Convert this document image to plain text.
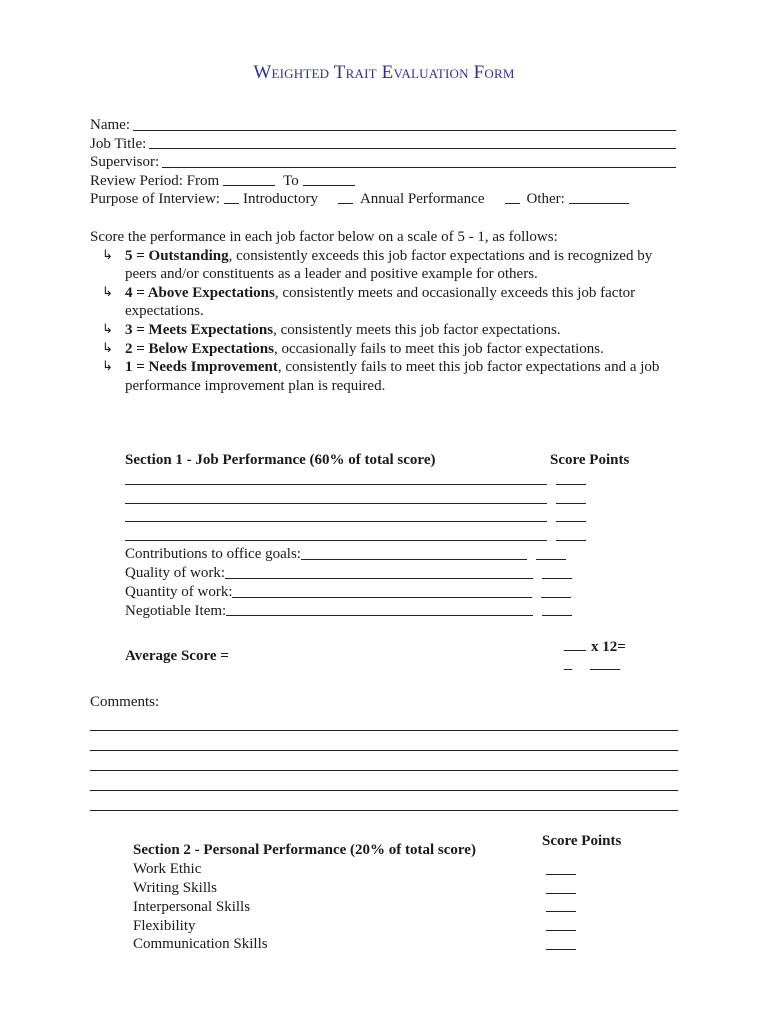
Weighted Trait Evaluation Form
Name:
Job Title:
Supervisor:
Review Period: From	To
Purpose of Interview: Introductory	Annual Performance	Other:
Score the performance in each job factor below on a scale of 5 - 1, as follows:
↳ 5 = Outstanding, consistently exceeds this job factor expectations and is recognized by peers and/or constituents as a leader and positive example for others.
↳ 4 = Above Expectations, consistently meets and occasionally exceeds this job factor expectations.
↳ 3 = Meets Expectations, consistently meets this job factor expectations.
↳ 2 = Below Expectations, occasionally fails to meet this job factor expectations.
↳ 1 = Needs Improvement, consistently fails to meet this job factor expectations and a job performance improvement plan is required.
Section 1 - Job Performance (60% of total score)	Score Points
Contributions to office goals:
Quality of work:
Quantity of work:
Negotiable Item:
Average Score =
x 12=
Comments:
Score Points
Section 2 - Personal Performance (20% of total score)
Work Ethic
Writing Skills
Interpersonal Skills
Flexibility
Communication Skills
